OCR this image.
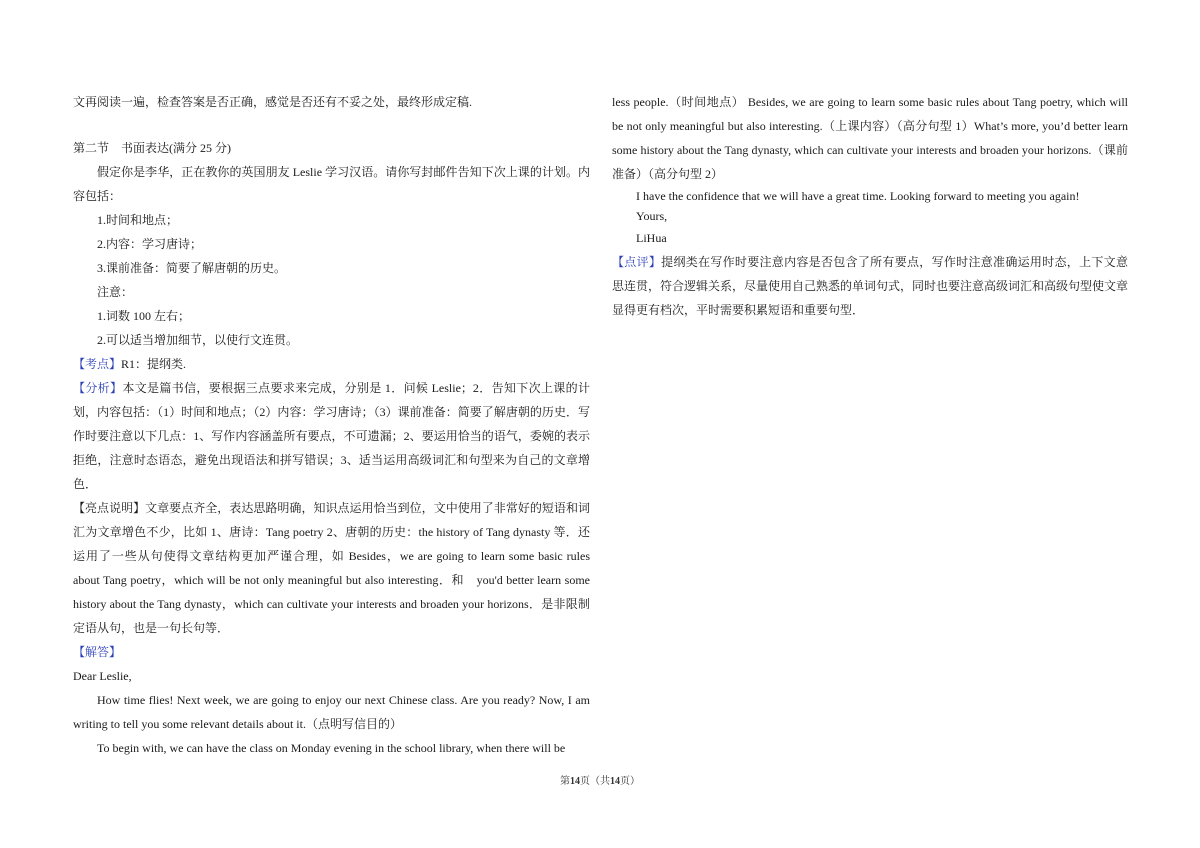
文再阅读一遍，检查答案是否正确，感觉是否还有不妥之处，最终形成定稿.

第二节　书面表达(满分 25 分)

假定你是李华，正在教你的英国朋友 Leslie 学习汉语。请你写封邮件告知下次上课的计划。内容包括：

1.时间和地点；

2.内容：学习唐诗；

3.课前准备：简要了解唐朝的历史。

注意：

1.词数 100 左右；

2.可以适当增加细节，以使行文连贯。

【考点】R1：提纲类.

【分析】本文是篇书信，要根据三点要求来完成，分别是 1．问候 Leslie；2．告知下次上课的计划，内容包括：（1）时间和地点；（2）内容：学习唐诗；（3）课前准备：简要了解唐朝的历史．写作时要注意以下几点：1、写作内容涵盖所有要点，不可遗漏；2、要运用恰当的语气，委婉的表示拒绝，注意时态语态，避免出现语法和拼写错误；3、适当运用高级词汇和句型来为自己的文章增色．

【亮点说明】文章要点齐全，表达思路明确，知识点运用恰当到位，文中使用了非常好的短语和词汇为文章增色不少，比如 1、唐诗：Tang poetry 2、唐朝的历史：the history of Tang dynasty 等．还运用了一些从句使得文章结构更加严谨合理，如 Besides，we are going to learn some basic rules about Tang poetry，which will be not only meaningful but also interesting．和　you'd better learn some history about the Tang dynasty，which can cultivate your interests and broaden your horizons．是非限制定语从句，也是一句长句等．

【解答】

Dear Leslie,

How time flies! Next week, we are going to enjoy our next Chinese class. Are you ready? Now, I am writing to tell you some relevant details about it.（点明写信目的）

To begin with, we can have the class on Monday evening in the school library, when there will be

less people.（时间地点） Besides, we are going to learn some basic rules about Tang poetry, which will be not only meaningful but also interesting.（上课内容）（高分句型 1）What’s more, you’d better learn some history about the Tang dynasty, which can cultivate your interests and broaden your horizons.（课前准备）（高分句型 2）

I have the confidence that we will have a great time. Looking forward to meeting you again!

Yours,

LiHua

【点评】提纲类在写作时要注意内容是否包含了所有要点，写作时注意准确运用时态，上下文意思连贯，符合逻辑关系，尽量使用自己熟悉的单词句式，同时也要注意高级词汇和高级句型使文章显得更有档次，平时需要积累短语和重要句型．

第14页（共14页）
